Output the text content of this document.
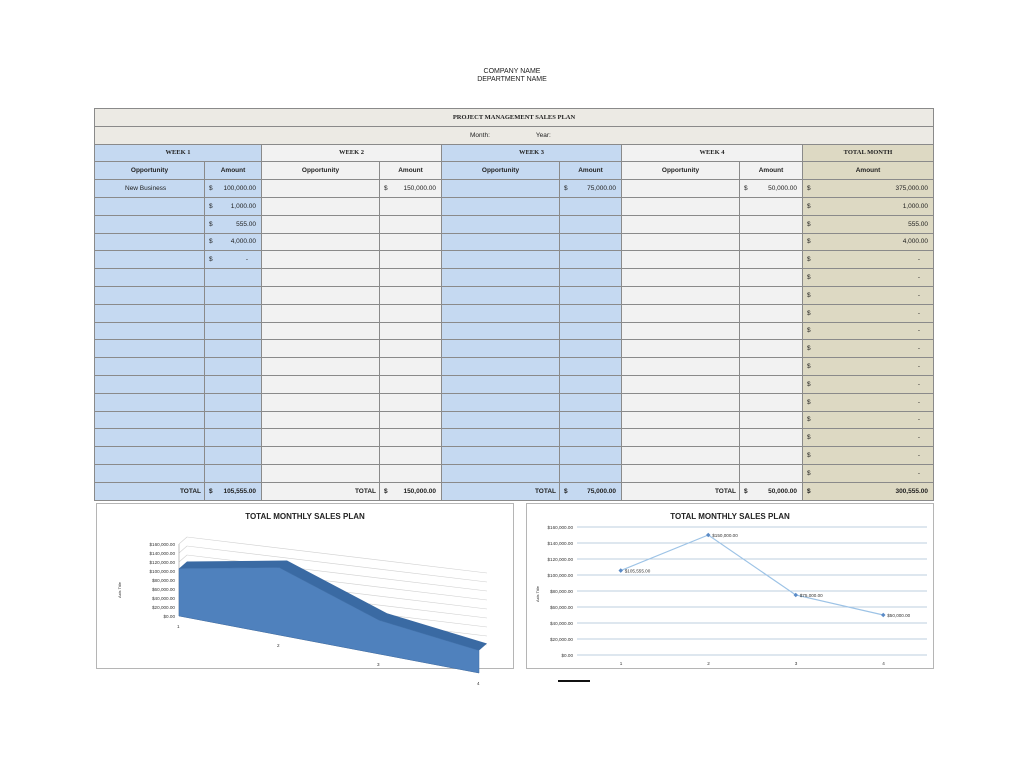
COMPANY NAME
DEPARTMENT NAME
PROJECT MANAGEMENT SALES PLAN								
Month: Year:								
WEEK 1		WEEK 2		WEEK 3		WEEK 4		TOTAL MONTH
Opportunity	Amount	Opportunity	Amount	Opportunity	Amount	Opportunity	Amount	Amount
New Business	$ 100,000.00		$ 150,000.00		$ 75,000.00		$ 50,000.00	$ 375,000.00

	$ 1,000.00							$ 1,000.00

	$ 555.00							$ 555.00

	$ 4,000.00							$ 4,000.00

	$ -							$ -

								$ -

								$ -

								$ -

								$ -

								$ -

								$ -

								$ -

								$ -

								$ -

								$ -

								$ -

								$ -
TOTAL	$ 105,555.00	TOTAL	$ 150,000.00	TOTAL	$ 75,000.00	TOTAL	$ 50,000.00	$ 300,555.00
TOTAL MONTHLY SALES PLAN
$0.00
$20,000.00
$40,000.00
$60,000.00
$80,000.00
$100,000.00
$120,000.00
$140,000.00
$160,000.00
1
2
3
4
Axis Title
TOTAL MONTHLY SALES PLAN
$0.00
$20,000.00
$40,000.00
$60,000.00
$80,000.00
$100,000.00
$120,000.00
$140,000.00
$160,000.00
$105,555.00
1
$150,000.00
2
$75,000.00
3
$50,000.00
4
Axis Title
